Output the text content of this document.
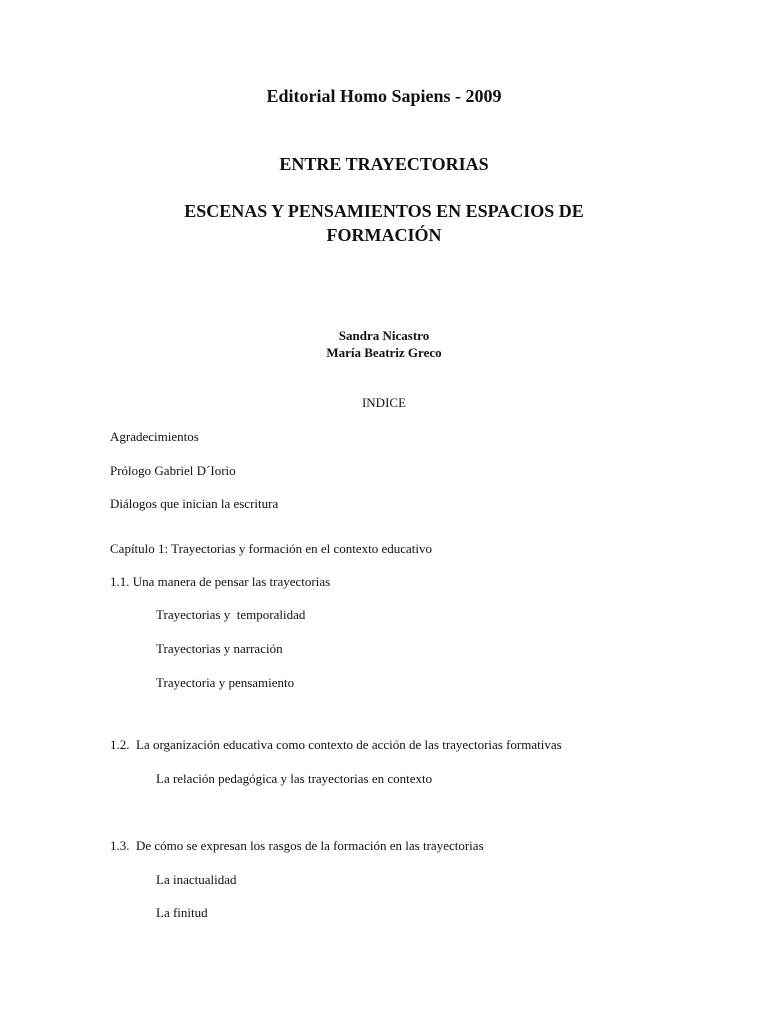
Editorial Homo Sapiens - 2009
ENTRE TRAYECTORIAS
ESCENAS Y PENSAMIENTOS EN ESPACIOS DE
FORMACIÓN
Sandra Nicastro
María Beatriz Greco
INDICE
Agradecimientos
Prólogo Gabriel D´Iorio
Diálogos que inician la escritura
Capítulo 1: Trayectorias y formación en el contexto educativo
1.1. Una manera de pensar las trayectorias
Trayectorias y  temporalidad
Trayectorias y narración
Trayectoria y pensamiento
1.2.  La organización educativa como contexto de acción de las trayectorias formativas
La relación pedagógica y las trayectorias en contexto
1.3.  De cómo se expresan los rasgos de la formación en las trayectorias
La inactualidad
La finitud
